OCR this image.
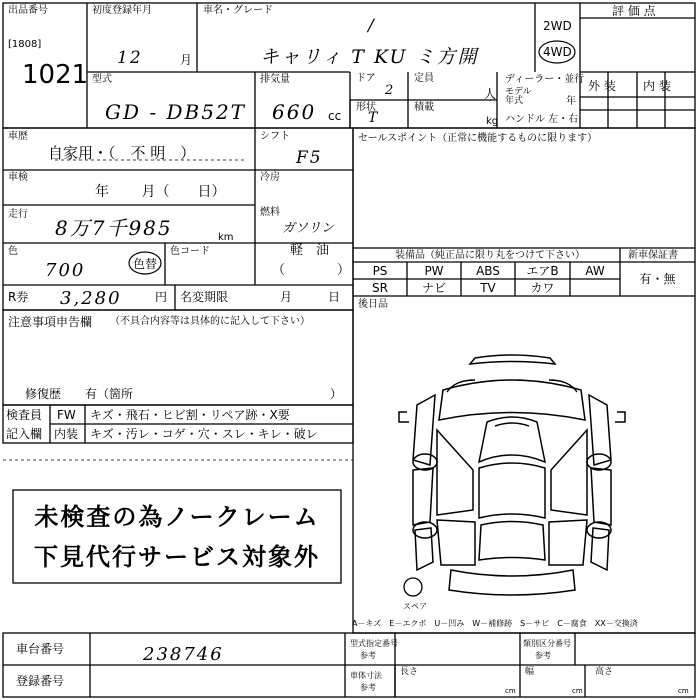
出品番号
[1808]
1021
初度登録年月
12	月
車名・グレード
/
キャリィ T KU ミ方開
2WD
4WD
評 価 点
型式
GD - DB52T
排気量
660 cc
ドア
2
定員
人
形状
T
積載
kg
ディーラー・並行
モデル
年式	年
ハンドル 左・右
外 装 内 装
車歴
自家用・（　不 明　）
シフト
F5
車検
年　　 月（　　日）
冷房
走行
8万7千985	km
燃料
ガソリン
軽　油
（　　　　）
色
700	色替
色コード
R券 3,280	円 名変期限	月　　　日
注意事項申告欄 （不具合内容等は具体的に記入して下さい）
修復歴 有（箇所	）
検査員
記入欄
FW キズ・飛石・ヒビ割・リペア跡・X要
内装 キズ・汚レ・コゲ・穴・スレ・キレ・破レ
未検査の為ノークレーム
下見代行サービス対象外
セールスポイント（正常に機能するものに限ります）
装備品（純正品に限り丸をつけて下さい）	新車保証書
有・無
PS	PW	ABS	エアB	AW
SR	ナビ	TV	カワ
後日品
スペア
A－キズ　E－エクボ　U－凹み　W－補修跡　S－サビ　C－腐食　XX－交換済
車台番号	238746
登録番号
型式指定番号
参考
類別区分番号
参考
車体寸法
参考
長さ
cm
幅
cm
高さ
cm
